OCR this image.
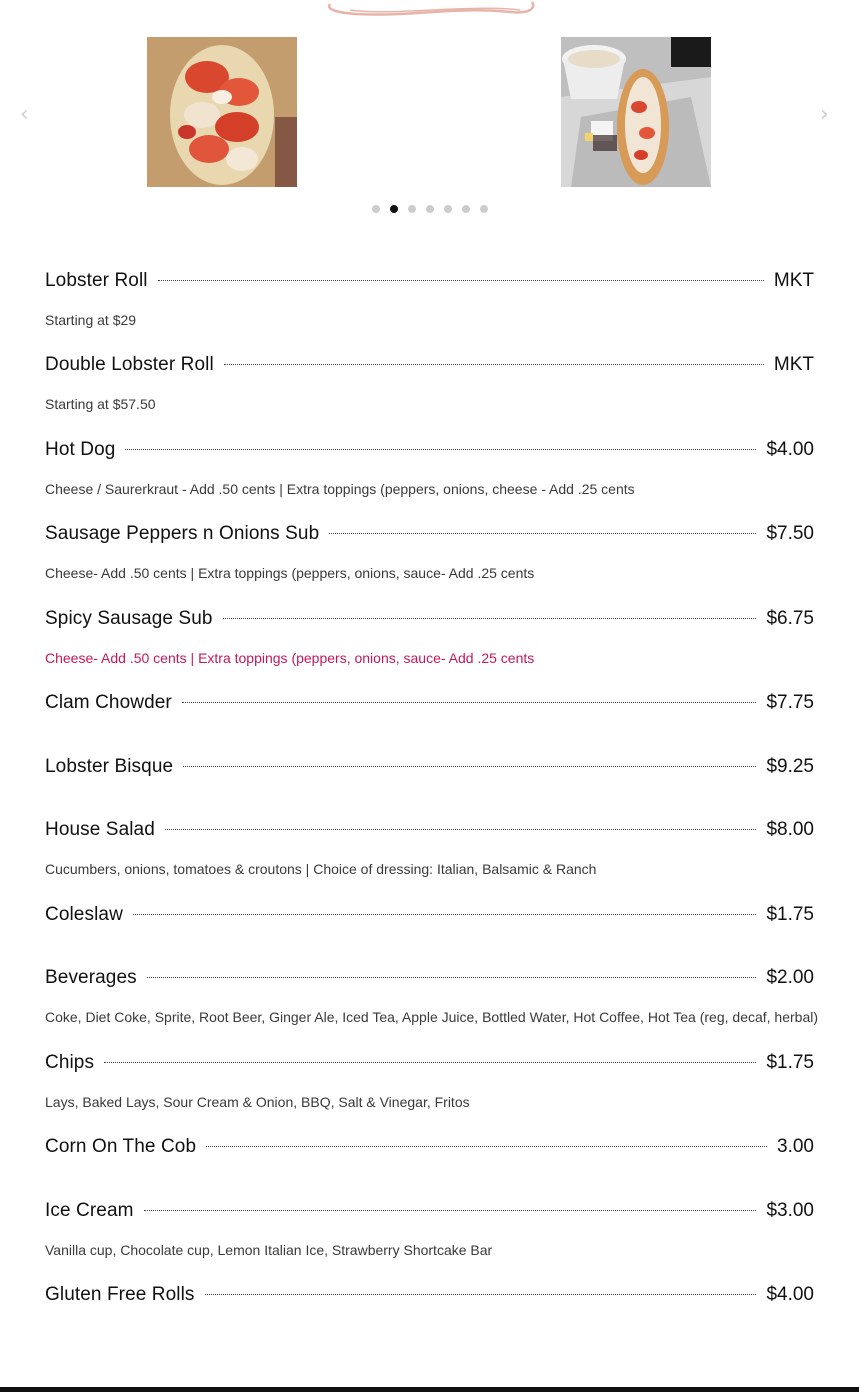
‹	›
Lobster Roll	MKT
Starting at $29
Double Lobster Roll	MKT
Starting at $57.50
Hot Dog	$4.00
Cheese / Saurerkraut - Add .50 cents | Extra toppings (peppers, onions, cheese - Add .25 cents
Sausage Peppers n Onions Sub	$7.50
Cheese- Add .50 cents | Extra toppings (peppers, onions, sauce- Add .25 cents
Spicy Sausage Sub	$6.75
Cheese- Add .50 cents | Extra toppings (peppers, onions, sauce- Add .25 cents
Clam Chowder	$7.75
Lobster Bisque	$9.25
House Salad	$8.00
Cucumbers, onions, tomatoes & croutons | Choice of dressing: Italian, Balsamic & Ranch
Coleslaw	$1.75
Beverages	$2.00
Coke, Diet Coke, Sprite, Root Beer, Ginger Ale, Iced Tea, Apple Juice, Bottled Water, Hot Coffee, Hot Tea (reg, decaf, herbal)
Chips	$1.75
Lays, Baked Lays, Sour Cream & Onion, BBQ, Salt & Vinegar, Fritos
Corn On The Cob	3.00
Ice Cream	$3.00
Vanilla cup, Chocolate cup, Lemon Italian Ice, Strawberry Shortcake Bar
Gluten Free Rolls	$4.00
